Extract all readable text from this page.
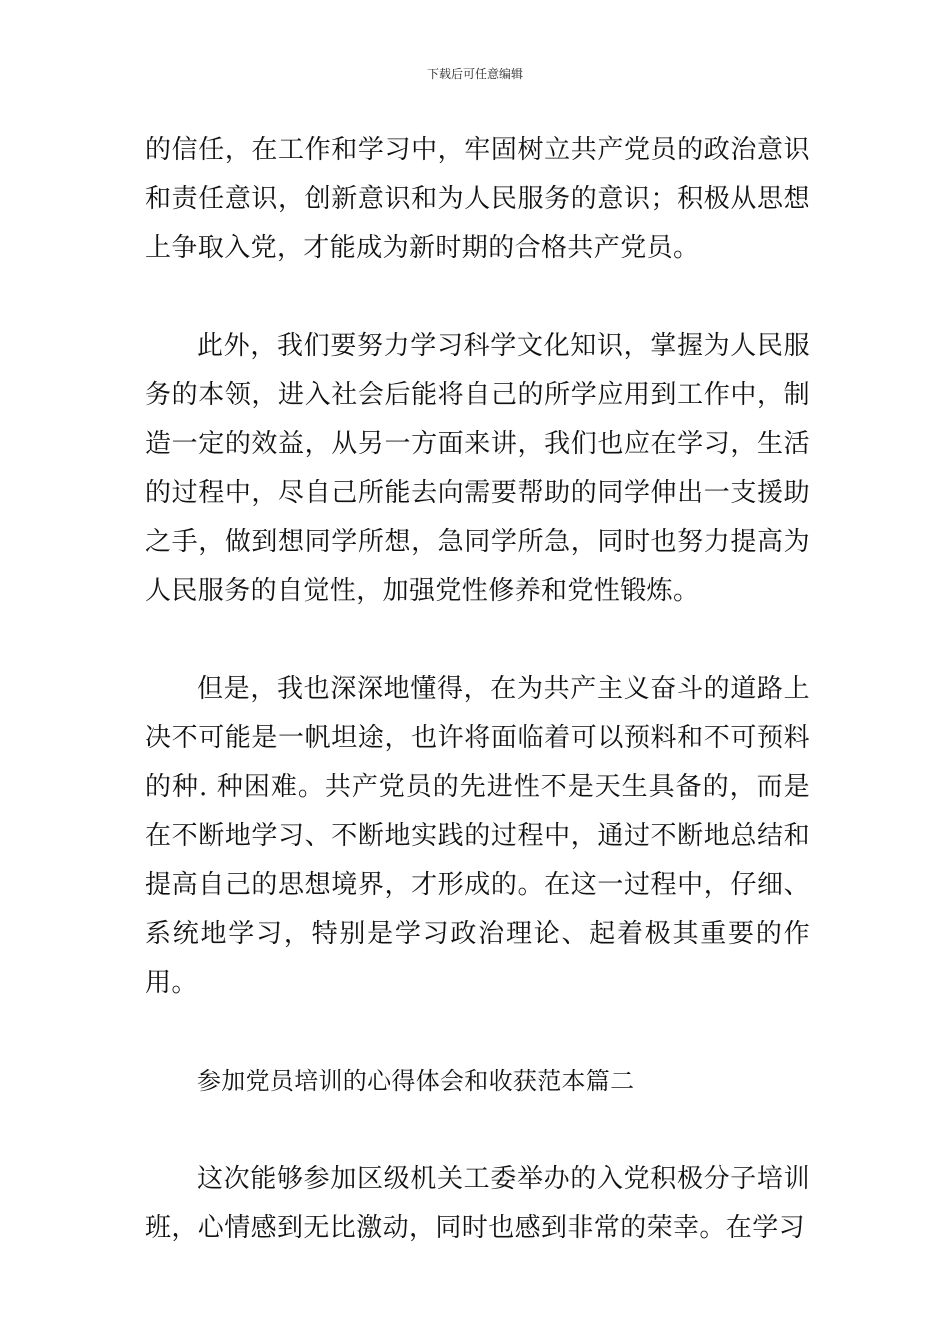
下载后可任意编辑

的信任，在工作和学习中，牢固树立共产党员的政治意识和责任意识，创新意识和为人民服务的意识；积极从思想上争取入党，才能成为新时期的合格共产党员。

此外，我们要努力学习科学文化知识，掌握为人民服务的本领，进入社会后能将自己的所学应用到工作中，制造一定的效益，从另一方面来讲，我们也应在学习，生活的过程中，尽自己所能去向需要帮助的同学伸出一支援助之手，做到想同学所想，急同学所急，同时也努力提高为人民服务的自觉性，加强党性修养和党性锻炼。

但是，我也深深地懂得，在为共产主义奋斗的道路上决不可能是一帆坦途，也许将面临着可以预料和不可预料的种. 种困难。共产党员的先进性不是天生具备的，而是在不断地学习、不断地实践的过程中，通过不断地总结和提高自己的思想境界，才形成的。在这一过程中，仔细、系统地学习，特别是学习政治理论、起着极其重要的作用。

参加党员培训的心得体会和收获范本篇二

这次能够参加区级机关工委举办的入党积极分子培训班，心情感到无比激动，同时也感到非常的荣幸。在学习
